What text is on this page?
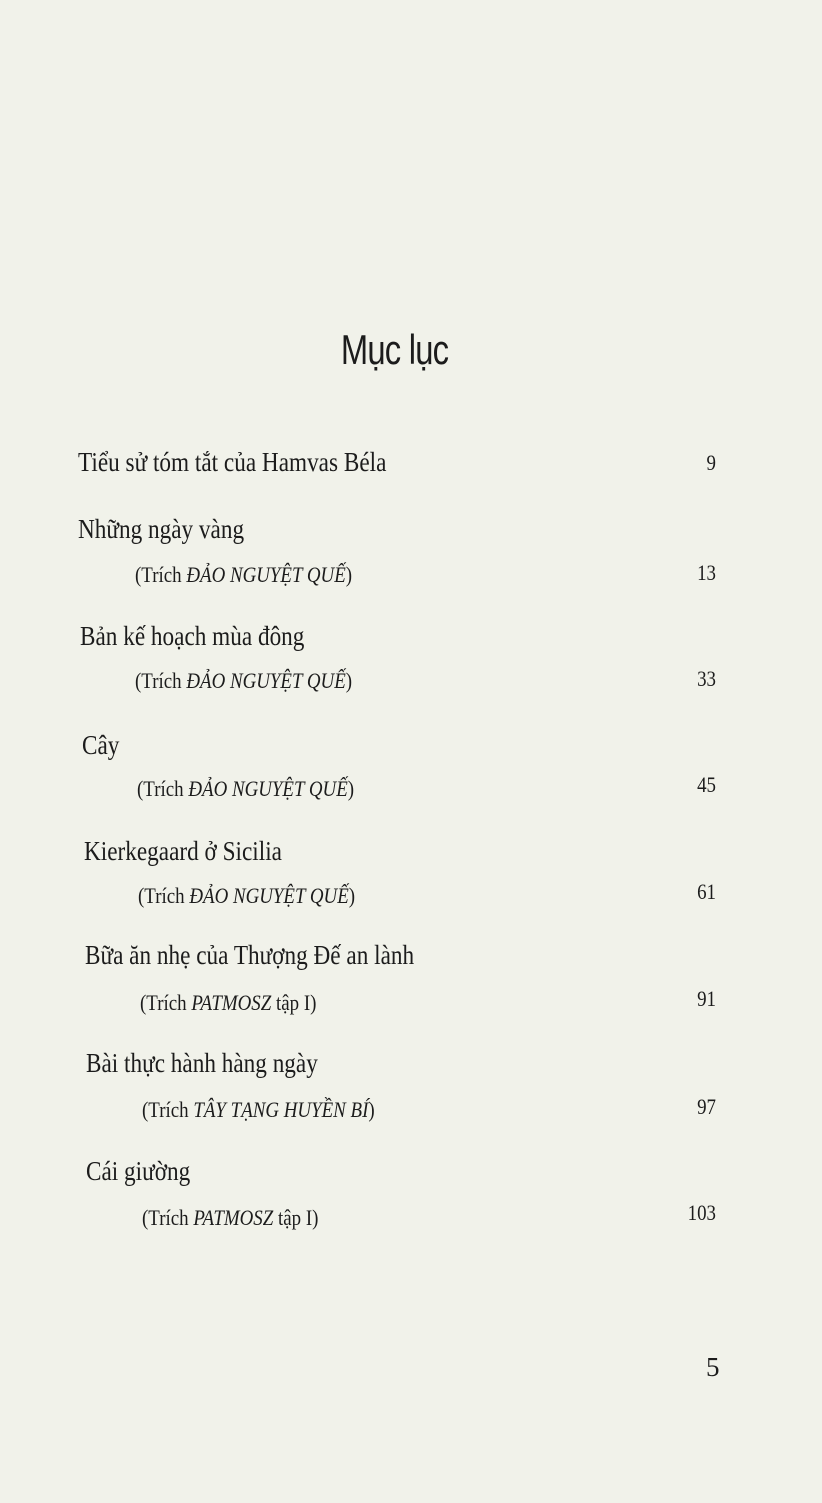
Mục lục
Tiểu sử tóm tắt của Hamvas Béla	9
Những ngày vàng
(Trích ĐẢO NGUYỆT QUẾ)	13
Bản kế hoạch mùa đông
(Trích ĐẢO NGUYỆT QUẾ)	33
Cây
(Trích ĐẢO NGUYỆT QUẾ)	45
Kierkegaard ở Sicilia
(Trích ĐẢO NGUYỆT QUẾ)	61
Bữa ăn nhẹ của Thượng Đế an lành
(Trích PATMOSZ tập I)	91
Bài thực hành hàng ngày
(Trích TÂY TẠNG HUYỀN BÍ)	97
Cái giường
(Trích PATMOSZ tập I)	103
5
